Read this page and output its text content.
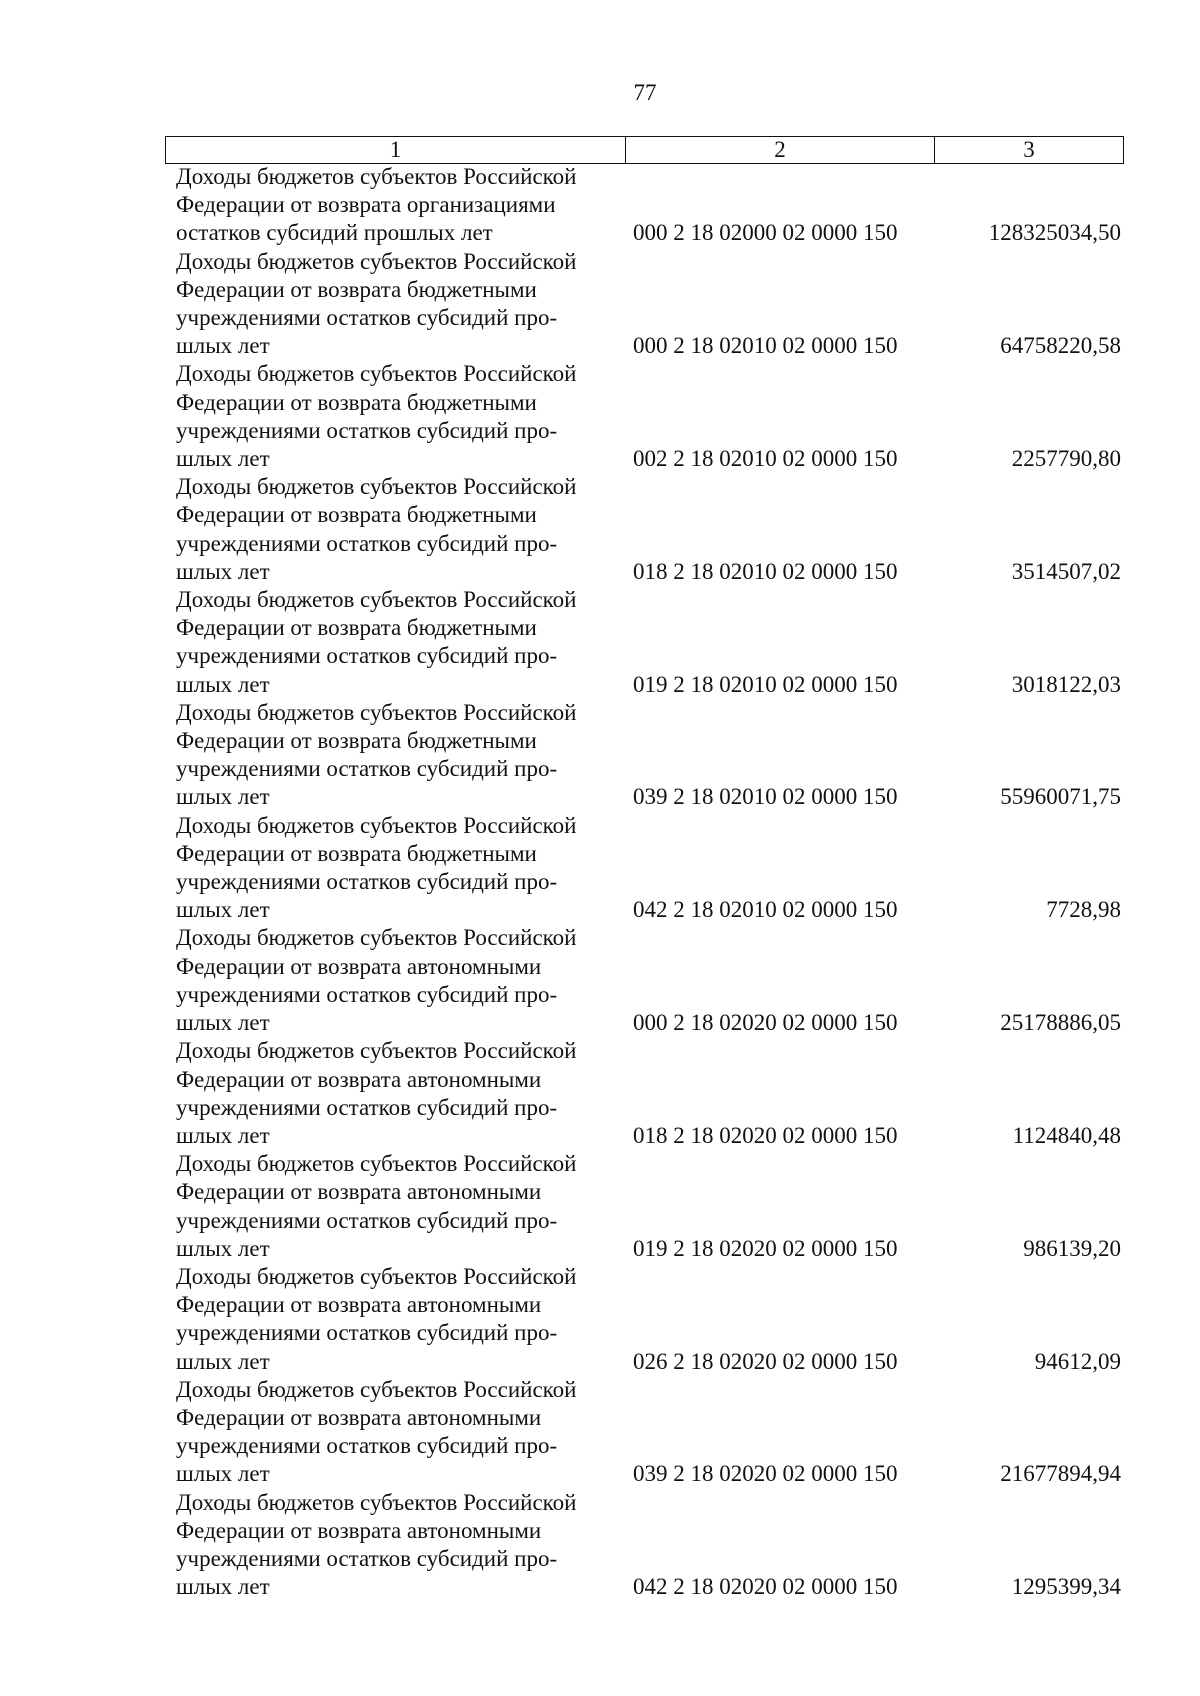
77
1	2	3
Доходы бюджетов субъектов Российской
Федерации от возврата организациями
остатков субсидий прошлых лет	000 2 18 02000 02 0000 150	128325034,50
Доходы бюджетов субъектов Российской
Федерации от возврата бюджетными
учреждениями остатков субсидий про-
шлых лет	000 2 18 02010 02 0000 150	64758220,58
Доходы бюджетов субъектов Российской
Федерации от возврата бюджетными
учреждениями остатков субсидий про-
шлых лет	002 2 18 02010 02 0000 150	2257790,80
Доходы бюджетов субъектов Российской
Федерации от возврата бюджетными
учреждениями остатков субсидий про-
шлых лет	018 2 18 02010 02 0000 150	3514507,02
Доходы бюджетов субъектов Российской
Федерации от возврата бюджетными
учреждениями остатков субсидий про-
шлых лет	019 2 18 02010 02 0000 150	3018122,03
Доходы бюджетов субъектов Российской
Федерации от возврата бюджетными
учреждениями остатков субсидий про-
шлых лет	039 2 18 02010 02 0000 150	55960071,75
Доходы бюджетов субъектов Российской
Федерации от возврата бюджетными
учреждениями остатков субсидий про-
шлых лет	042 2 18 02010 02 0000 150	7728,98
Доходы бюджетов субъектов Российской
Федерации от возврата автономными
учреждениями остатков субсидий про-
шлых лет	000 2 18 02020 02 0000 150	25178886,05
Доходы бюджетов субъектов Российской
Федерации от возврата автономными
учреждениями остатков субсидий про-
шлых лет	018 2 18 02020 02 0000 150	1124840,48
Доходы бюджетов субъектов Российской
Федерации от возврата автономными
учреждениями остатков субсидий про-
шлых лет	019 2 18 02020 02 0000 150	986139,20
Доходы бюджетов субъектов Российской
Федерации от возврата автономными
учреждениями остатков субсидий про-
шлых лет	026 2 18 02020 02 0000 150	94612,09
Доходы бюджетов субъектов Российской
Федерации от возврата автономными
учреждениями остатков субсидий про-
шлых лет	039 2 18 02020 02 0000 150	21677894,94
Доходы бюджетов субъектов Российской
Федерации от возврата автономными
учреждениями остатков субсидий про-
шлых лет	042 2 18 02020 02 0000 150	1295399,34
